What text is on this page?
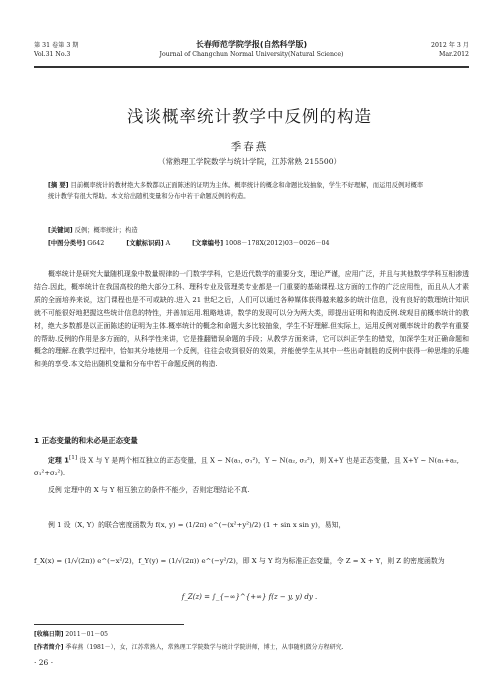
第 31 卷第 3 期
Vol.31 No.3
长春师范学院学报(自然科学版)
Journal of Changchun Normal University(Natural Science)
2012 年 3 月
Mar.2012
浅谈概率统计教学中反例的构造
季春燕
（常熟理工学院数学与统计学院，江苏常熟 215500）
[摘 要] 目前概率统计的教材绝大多数都以正面陈述的证明为主体。概率统计的概念和命题比较抽象，学生不好理解，而运用反例对概率统计教学有很大帮助。本文给出随机变量和分布中若干命题反例的构造。
[关键词] 反例；概率统计；构造
[中图分类号] G642	[文献标识码] A	[文章编号] 1008－178X(2012)03－0026－04
概率统计是研究大量随机现象中数量规律的一门数学学科，它是近代数学的重要分支，理论严谨，应用广泛，并且与其他数学学科互相渗透结合.因此，概率统计在我国高校的绝大部分工科、理科专业及管理类专业都是一门重要的基础课程.这方面的工作的广泛应用性，而且从人才素质的全面培养来说，这门课程也是不可或缺的.进入 21 世纪之后，人们可以通过各种媒体获得越来越多的统计信息，没有良好的数理统计知识就不可能很好地把握这些统计信息的特性，并善加运用.粗略地讲，数学的发现可以分为两大类，即提出证明和构造反例.统观目前概率统计的教材，绝大多数都是以正面陈述的证明为主体.概率统计的概念和命题大多比较抽象，学生不好理解.但实际上，运用反例对概率统计的教学有重要的帮助.反例的作用是多方面的，从科学性来讲，它是推翻错误命题的手段；从教学方面来讲，它可以纠正学生的错觉，加深学生对正确命题和概念的理解.在教学过程中，恰如其分地使用一个反例，往往会收到很好的效果，并能使学生从其中一些出奇制胜的反例中获得一种思维的乐趣和美的享受.本文给出随机变量和分布中若干命题反例的构造.
1 正态变量的和未必是正态变量
定理 1[1] 设 X 与 Y 是两个相互独立的正态变量，且 X ~ N(a₁, σ₁²)，Y ~ N(a₂, σ₂²)，则 X+Y 也是正态变量，且 X+Y ~ N(a₁+a₂, σ₁²+σ₂²).
反例 定理中的 X 与 Y 相互独立的条件不能少，否则定理结论不真.
例 1 设（X, Y）的联合密度函数为 f(x, y) = (1/2π) e^(−(x²+y²)/2) (1 + sin x sin y)，易知，
f_X(x) = (1/√(2π)) e^(−x²/2)，f_Y(y) = (1/√(2π)) e^(−y²/2)，即 X 与 Y 均为标准正态变量，令 Z = X + Y，则 Z 的密度函数为
f_Z(z) = ∫_{−∞}^{+∞} f(z − y, y) dy .
[收稿日期] 2011－01－05
[作者简介] 季春燕（1981－），女，江苏常熟人，常熟理工学院数学与统计学院讲师，博士，从事随机微分方程研究.
· 26 ·
